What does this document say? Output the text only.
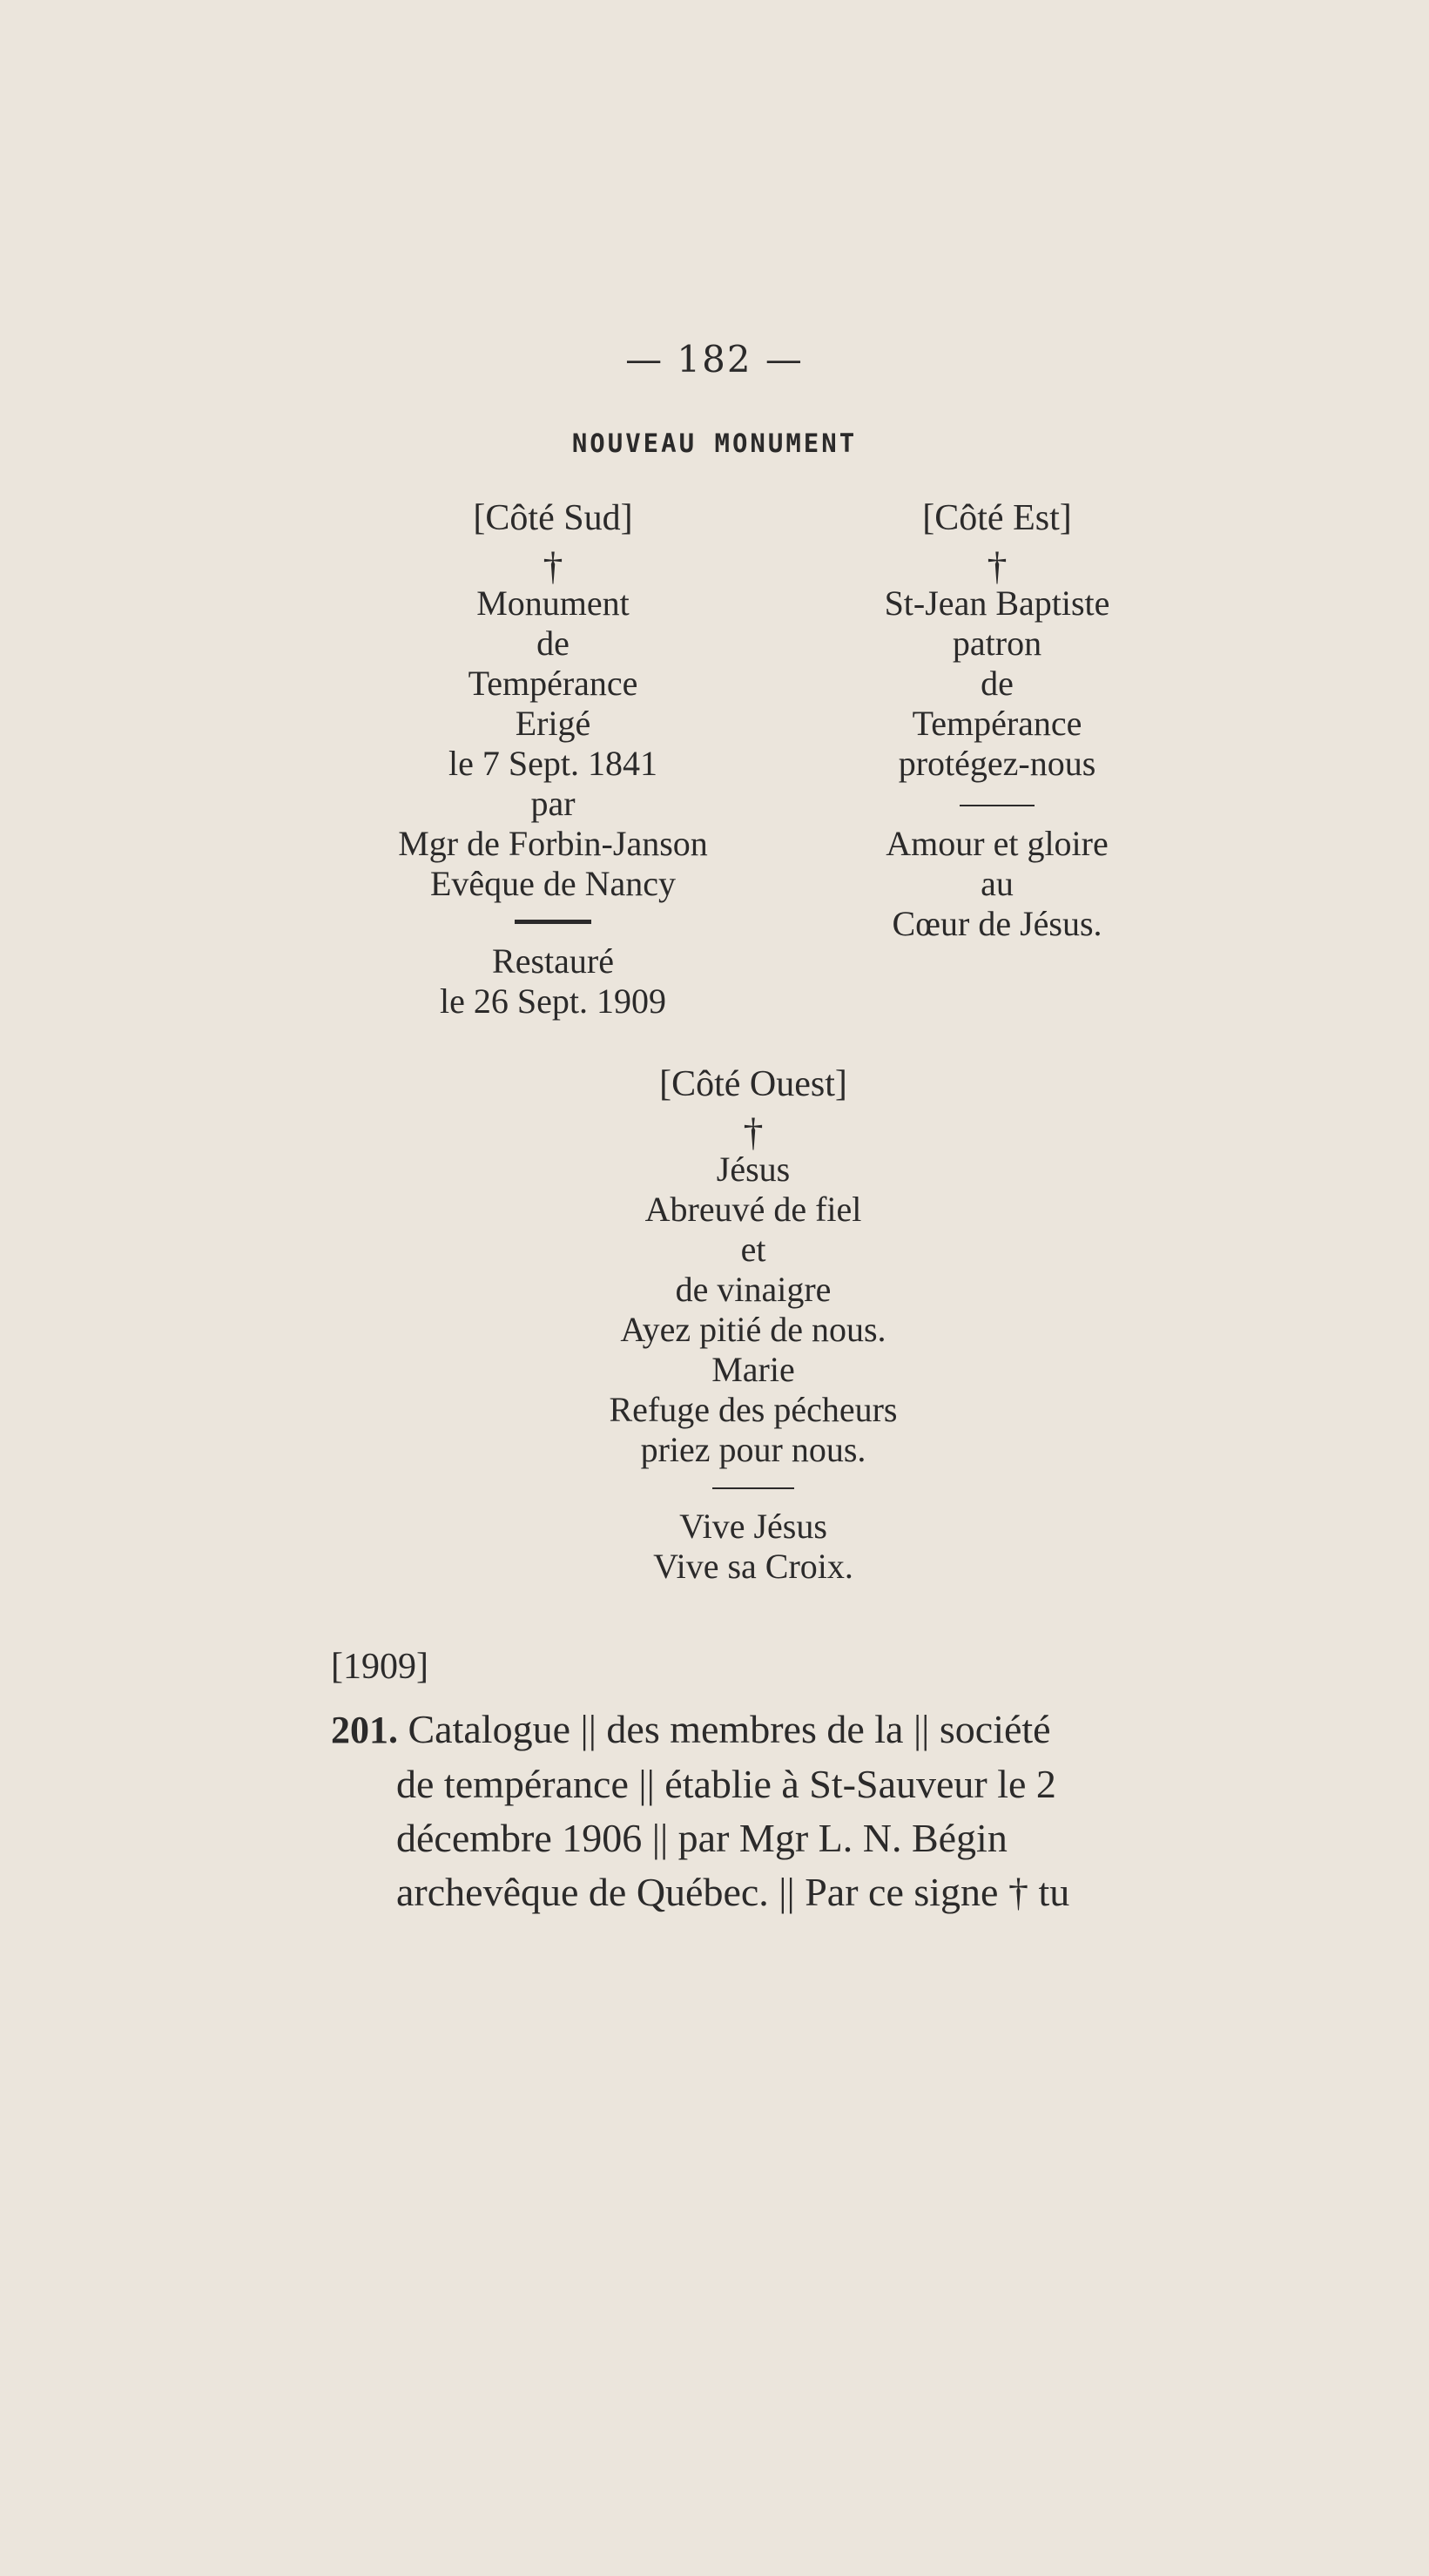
— 182 —
NOUVEAU MONUMENT
[Côté Sud]
†
Monument
de
Tempérance
Erigé
le 7 Sept. 1841
par
Mgr de Forbin-Janson
Evêque de Nancy
Restauré
le 26 Sept. 1909
[Côté Est]
†
St-Jean Baptiste
patron
de
Tempérance
protégez-nous
Amour et gloire
au
Cœur de Jésus.
[Côté Ouest]
†
Jésus
Abreuvé de fiel
et
de vinaigre
Ayez pitié de nous.
Marie
Refuge des pécheurs
priez pour nous.
Vive Jésus
Vive sa Croix.
[1909]
201. Catalogue || des membres de la || société
de tempérance || établie à St-Sauveur le 2
décembre 1906 || par Mgr L. N. Bégin
archevêque de Québec. || Par ce signe † tu
